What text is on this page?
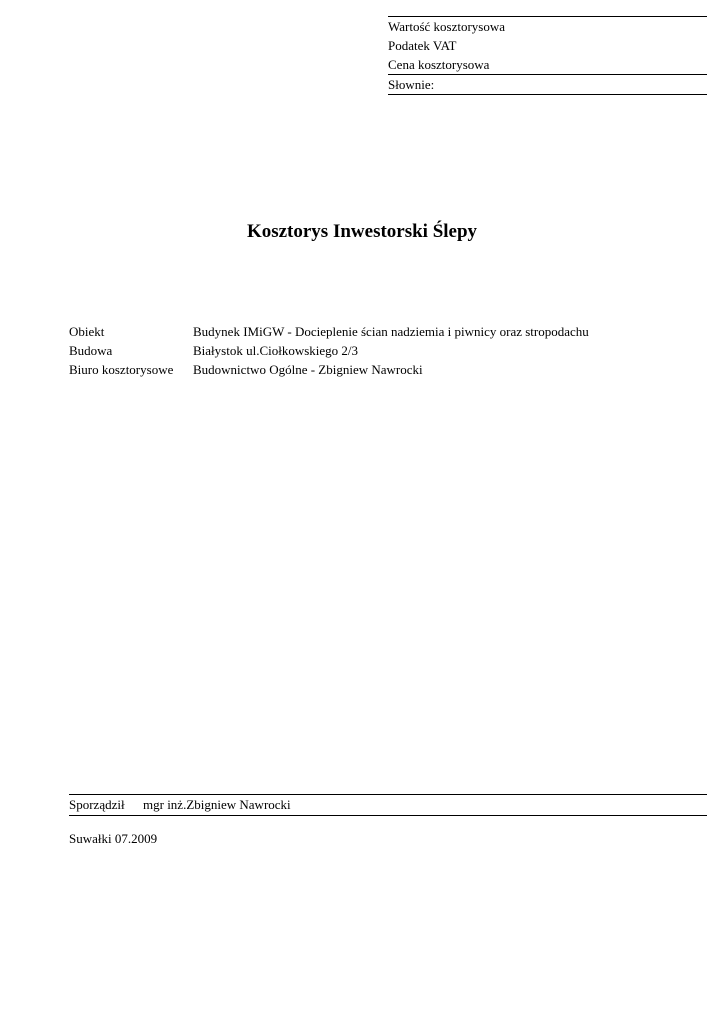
Wartość kosztorysowa
Podatek VAT
Cena kosztorysowa
Słownie:
Kosztorys Inwestorski Ślepy
Obiekt	Budynek IMiGW - Docieplenie ścian nadziemia i piwnicy oraz stropodachu
Budowa	Białystok ul.Ciołkowskiego 2/3
Biuro kosztorysowe	Budownictwo Ogólne - Zbigniew Nawrocki
Sporządził	mgr inż.Zbigniew Nawrocki
Suwałki 07.2009
